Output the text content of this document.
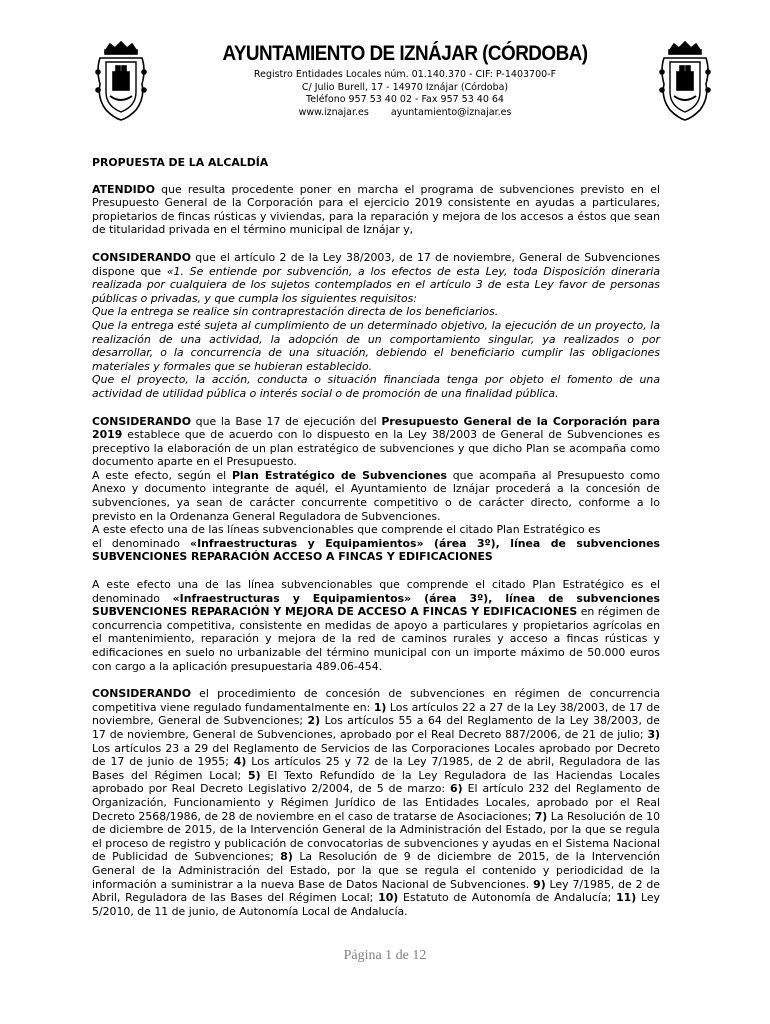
AYUNTAMIENTO DE IZNÁJAR (CÓRDOBA)
Registro Entidades Locales núm. 01.140.370 - CIF: P-1403700-F
C/ Julio Burell, 17 - 14970 Iznájar (Córdoba)
Teléfono 957 53 40 02 - Fax 957 53 40 64
www.iznajar.es ayuntamiento@iznajar.es
PROPUESTA DE LA ALCALDÍA

ATENDIDO que resulta procedente poner en marcha el programa de subvenciones previsto en el Presupuesto General de la Corporación para el ejercicio 2019 consistente en ayudas a particulares, propietarios de fincas rústicas y viviendas, para la reparación y mejora de los accesos a éstos que sean de titularidad privada en el término municipal de Iznájar y,

CONSIDERANDO que el artículo 2 de la Ley 38/2003, de 17 de noviembre, General de Subvenciones dispone que «1. Se entiende por subvención, a los efectos de esta Ley, toda Disposición dineraria realizada por cualquiera de los sujetos contemplados en el artículo 3 de esta Ley favor de personas públicas o privadas, y que cumpla los siguientes requisitos:
Que la entrega se realice sin contraprestación directa de los beneficiarios.
Que la entrega esté sujeta al cumplimiento de un determinado objetivo, la ejecución de un proyecto, la realización de una actividad, la adopción de un comportamiento singular, ya realizados o por desarrollar, o la concurrencia de una situación, debiendo el beneficiario cumplir las obligaciones materiales y formales que se hubieran establecido.
Que el proyecto, la acción, conducta o situación financiada tenga por objeto el fomento de una actividad de utilidad pública o interés social o de promoción de una finalidad pública.

CONSIDERANDO que la Base 17 de ejecución del Presupuesto General de la Corporación para 2019 establece que de acuerdo con lo dispuesto en la Ley 38/2003 de General de Subvenciones es preceptivo la elaboración de un plan estratégico de subvenciones y que dicho Plan se acompaña como documento aparte en el Presupuesto.
A este efecto, según el Plan Estratégico de Subvenciones que acompaña al Presupuesto como Anexo y documento integrante de aquél, el Ayuntamiento de Iznájar procederá a la concesión de subvenciones, ya sean de carácter concurrente competitivo o de carácter directo, conforme a lo previsto en la Ordenanza General Reguladora de Subvenciones.
A este efecto una de las líneas subvencionables que comprende el citado Plan Estratégico es
el denominado «Infraestructuras y Equipamientos» (área 3º), línea de subvenciones SUBVENCIONES REPARACIÓN ACCESO A FINCAS Y EDIFICACIONES

A este efecto una de las línea subvencionables que comprende el citado Plan Estratégico es el denominado «Infraestructuras y Equipamientos» (área 3º), línea de subvenciones SUBVENCIONES REPARACIÓN Y MEJORA DE ACCESO A FINCAS Y EDIFICACIONES en régimen de concurrencia competitiva, consistente en medidas de apoyo a particulares y propietarios agrícolas en el mantenimiento, reparación y mejora de la red de caminos rurales y acceso a fincas rústicas y edificaciones en suelo no urbanizable del término municipal con un importe máximo de 50.000 euros con cargo a la aplicación presupuestaria 489.06-454.

CONSIDERANDO el procedimiento de concesión de subvenciones en régimen de concurrencia competitiva viene regulado fundamentalmente en: 1) Los artículos 22 a 27 de la Ley 38/2003, de 17 de noviembre, General de Subvenciones; 2) Los artículos 55 a 64 del Reglamento de la Ley 38/2003, de 17 de noviembre, General de Subvenciones, aprobado por el Real Decreto 887/2006, de 21 de julio; 3) Los artículos 23 a 29 del Reglamento de Servicios de las Corporaciones Locales aprobado por Decreto de 17 de junio de 1955; 4) Los artículos 25 y 72 de la Ley 7/1985, de 2 de abril, Reguladora de las Bases del Régimen Local; 5) El Texto Refundido de la Ley Reguladora de las Haciendas Locales aprobado por Real Decreto Legislativo 2/2004, de 5 de marzo: 6) El artículo 232 del Reglamento de Organización, Funcionamiento y Régimen Jurídico de las Entidades Locales, aprobado por el Real Decreto 2568/1986, de 28 de noviembre en el caso de tratarse de Asociaciones; 7) La Resolución de 10 de diciembre de 2015, de la Intervención General de la Administración del Estado, por la que se regula el proceso de registro y publicación de convocatorias de subvenciones y ayudas en el Sistema Nacional de Publicidad de Subvenciones; 8) La Resolución de 9 de diciembre de 2015, de la Intervención General de la Administración del Estado, por la que se regula el contenido y periodicidad de la información a suministrar a la nueva Base de Datos Nacional de Subvenciones. 9) Ley 7/1985, de 2 de Abril, Reguladora de las Bases del Régimen Local; 10) Estatuto de Autonomía de Andalucía; 11) Ley 5/2010, de 11 de junio, de Autonomía Local de Andalucía.

Página 1 de 12
